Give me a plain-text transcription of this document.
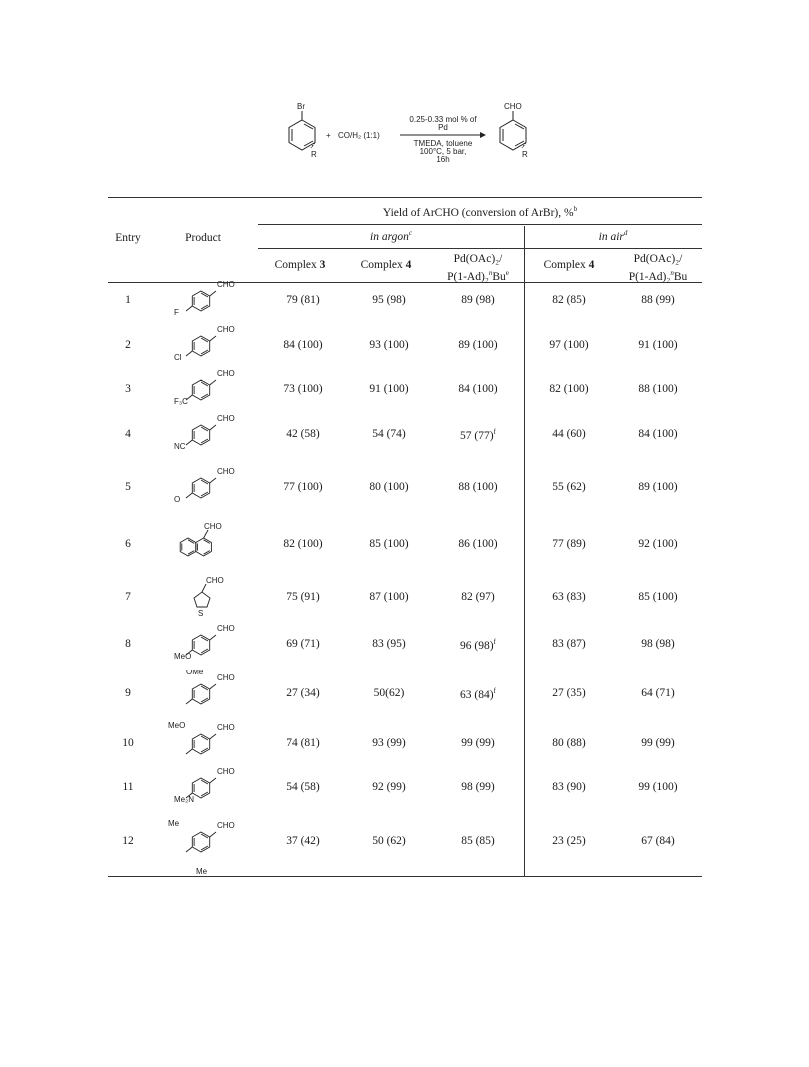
Br
R
+ CO/H₂ (1:1)
0.25-0.33 mol % of
Pd
TMEDA, toluene
100°C, 5 bar,
16h
CHO
R
Entry	Product
Yield of ArCHO (conversion of ArBr), %$^b$
in argon$^c$	in air$^d$
Complex 3	Complex 4	Pd(OAc)₂/
P(1-Ad)₂$^n$Bu$^e$
Complex 4	Pd(OAc)₂/
P(1-Ad)₂$^n$Bu
1
CHO
F
79 (81)	95 (98)	89 (98)	82 (85)	88 (99)
2
CHO
Cl
84 (100)	93 (100)	89 (100)	97 (100)	91 (100)
3
CHO
F₃C
73 (100)	91 (100)	84 (100)	82 (100)	88 (100)
4
CHO
NC
42 (58)	54 (74)	57 $(77)^f$	44 (60)	84 (100)
5
CHO
O
77 (100)	80 (100)	88 (100)	55 (62)	89 (100)
6
CHO
82 (100)	85 (100)	86 (100)	77 (89)	92 (100)
7
CHO
S
75 (91)	87 (100)	82 (97)	63 (83)	85 (100)
8
CHO
MeO
69 (71)	83 (95)	96 $(98)^f$	83 (87)	98 (98)
9
CHO
OMe
27 (34)	50(62)	63 $(84)^f$	27 (35)	64 (71)
10
CHO
MeO
74 (81)	93 (99)	99 (99)	80 (88)	99 (99)
11
CHO
Me₂N
54 (58)	92 (99)	98 (99)	83 (90)	99 (100)
12
CHO
Me
Me
37 (42)	50 (62)	85 (85)	23 (25)	67 (84)
